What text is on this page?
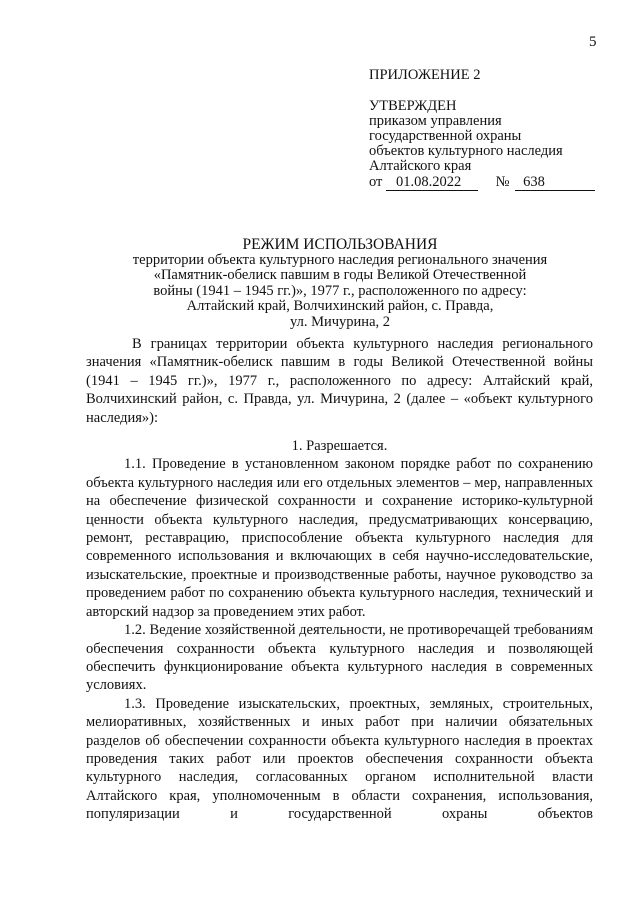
5
ПРИЛОЖЕНИЕ 2
УТВЕРЖДЕН
приказом управления
государственной охраны
объектов культурного наследия
Алтайского края
от 01.08.2022 № 638
РЕЖИМ ИСПОЛЬЗОВАНИЯ
территории объекта культурного наследия регионального значения
«Памятник-обелиск павшим в годы Великой Отечественной
войны (1941 – 1945 гг.)», 1977 г., расположенного по адресу:
Алтайский край, Волчихинский район, с. Правда,
ул. Мичурина, 2

В границах территории объекта культурного наследия регионального значения «Памятник-обелиск павшим в годы Великой Отечественной войны (1941 – 1945 гг.)», 1977 г., расположенного по адресу: Алтайский край, Волчихинский район, с. Правда, ул. Мичурина, 2 (далее – «объект культурного наследия»):

1. Разрешается.

1.1. Проведение в установленном законом порядке работ по сохранению объекта культурного наследия или его отдельных элементов – мер, направленных на обеспечение физической сохранности и сохранение историко-культурной ценности объекта культурного наследия, предусматривающих консервацию, ремонт, реставрацию, приспособление объекта культурного наследия для современного использования и включающих в себя научно-исследовательские, изыскательские, проектные и производственные работы, научное руководство за проведением работ по сохранению объекта культурного наследия, технический и авторский надзор за проведением этих работ.

1.2. Ведение хозяйственной деятельности, не противоречащей требованиям обеспечения сохранности объекта культурного наследия и позволяющей обеспечить функционирование объекта культурного наследия в современных условиях.

1.3. Проведение изыскательских, проектных, земляных, строительных, мелиоративных, хозяйственных и иных работ при наличии обязательных разделов об обеспечении сохранности объекта культурного наследия в проектах проведения таких работ или проектов обеспечения сохранности объекта культурного наследия, согласованных органом исполнительной власти Алтайского края, уполномоченным в области сохранения, использования, популяризации и государственной охраны объектов
